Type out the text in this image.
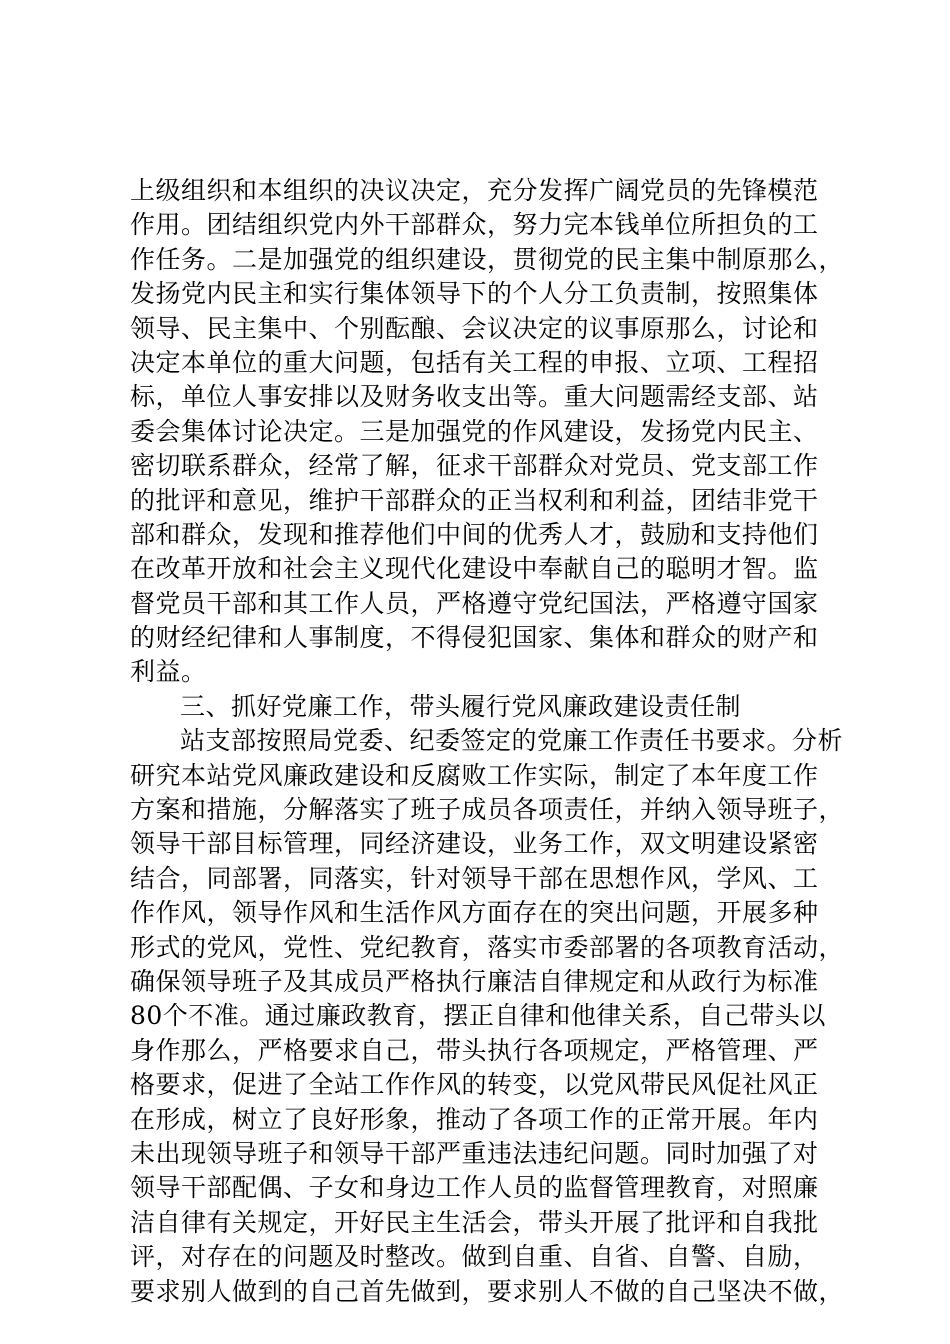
上级组织和本组织的决议决定，充分发挥广阔党员的先锋模范
作用。团结组织党内外干部群众，努力完本钱单位所担负的工
作任务。二是加强党的组织建设，贯彻党的民主集中制原那么，
发扬党内民主和实行集体领导下的个人分工负责制，按照集体
领导、民主集中、个别酝酿、会议决定的议事原那么，讨论和
决定本单位的重大问题，包括有关工程的申报、立项、工程招
标，单位人事安排以及财务收支出等。重大问题需经支部、站
委会集体讨论决定。三是加强党的作风建设，发扬党内民主、
密切联系群众，经常了解，征求干部群众对党员、党支部工作
的批评和意见，维护干部群众的正当权利和利益，团结非党干
部和群众，发现和推荐他们中间的优秀人才，鼓励和支持他们
在改革开放和社会主义现代化建设中奉献自己的聪明才智。监
督党员干部和其工作人员，严格遵守党纪国法，严格遵守国家
的财经纪律和人事制度，不得侵犯国家、集体和群众的财产和
利益。
三、抓好党廉工作，带头履行党风廉政建设责任制
站支部按照局党委、纪委签定的党廉工作责任书要求。分析
研究本站党风廉政建设和反腐败工作实际，制定了本年度工作
方案和措施，分解落实了班子成员各项责任，并纳入领导班子，
领导干部目标管理，同经济建设，业务工作，双文明建设紧密
结合，同部署，同落实，针对领导干部在思想作风，学风、工
作作风，领导作风和生活作风方面存在的突出问题，开展多种
形式的党风，党性、党纪教育，落实市委部署的各项教育活动，
确保领导班子及其成员严格执行廉洁自律规定和从政行为标准
80个不准。通过廉政教育，摆正自律和他律关系，自己带头以
身作那么，严格要求自己，带头执行各项规定，严格管理、严
格要求，促进了全站工作作风的转变，以党风带民风促社风正
在形成，树立了良好形象，推动了各项工作的正常开展。年内
未出现领导班子和领导干部严重违法违纪问题。同时加强了对
领导干部配偶、子女和身边工作人员的监督管理教育，对照廉
洁自律有关规定，开好民主生活会，带头开展了批评和自我批
评，对存在的问题及时整改。做到自重、自省、自警、自励，
要求别人做到的自己首先做到，要求别人不做的自己坚决不做，
